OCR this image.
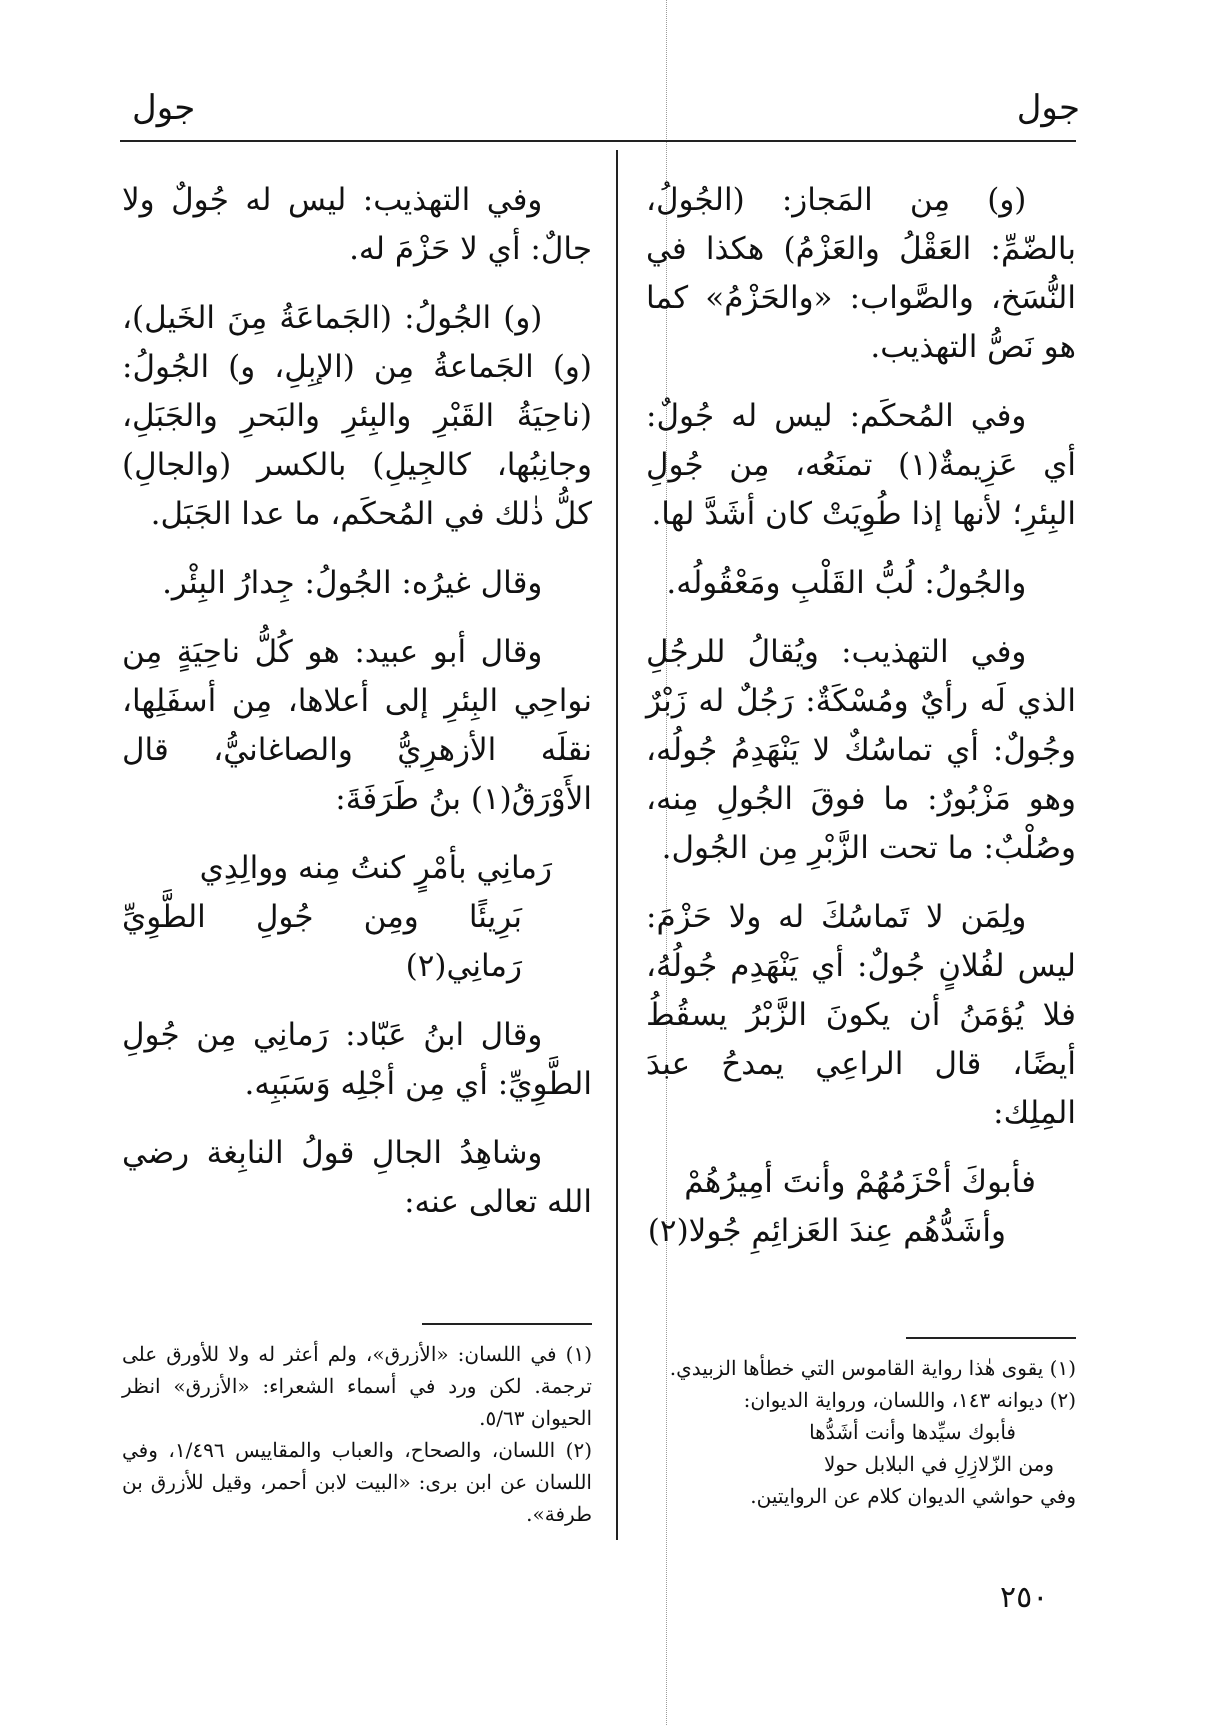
جول
جول

(و) مِن المَجاز: (الجُولُ، بالضّمِّ: العَقْلُ والعَزْمُ) هكذا في النُّسَخ، والصَّواب: «والحَزْمُ» كما هو نَصُّ التهذيب.

وفي المُحكَم: ليس له جُولٌ: أي عَزِيمةٌ(١) تمنَعُه، مِن جُولِ البِئرِ؛ لأنها إذا طُوِيَتْ كان أشَدَّ لها.

والجُولُ: لُبُّ القَلْبِ ومَعْقُولُه.

وفي التهذيب: ويُقالُ للرجُلِ الذي لَه رأيٌ ومُسْكَةٌ: رَجُلٌ له زَبْرٌ وجُولٌ: أي تماسُكٌ لا يَنْهَدِمُ جُولُه، وهو مَزْبُورٌ: ما فوقَ الجُولِ مِنه، وصُلْبٌ: ما تحت الزَّبْرِ مِن الجُول.

ولِمَن لا تَماسُكَ له ولا حَزْمَ: ليس لفُلانٍ جُولٌ: أي يَنْهَدِم جُولُهُ، فلا يُؤمَنُ أن يكونَ الزَّبْرُ يسقُطُ أيضًا، قال الراعِي يمدحُ عبدَ المِلِك:

فأبوكَ أحْزَمُهُمْ وأنتَ أمِيرُهُمْ
وأشَدُّهُم عِندَ العَزائِمِ جُولا(٢)

وفي التهذيب: ليس له جُولٌ ولا جالٌ: أي لا حَزْمَ له.

(و) الجُولُ: (الجَماعَةُ مِنَ الخَيل)، (و) الجَماعةُ مِن (الإبِلِ، و) الجُولُ: (ناحِيَةُ القَبْرِ والبِئرِ والبَحرِ والجَبَلِ، وجانِبُها، كالجِيلِ) بالكسر (والجالِ) كلُّ ذٰلك في المُحكَم، ما عدا الجَبَل.

وقال غيرُه: الجُولُ: جِدارُ البِئْر.

وقال أبو عبيد: هو كُلُّ ناحِيَةٍ مِن نواحِي البِئرِ إلى أعلاها، مِن أسفَلِها، نقلَه الأزهرِيُّ والصاغانيُّ، قال الأَوْرَقُ(١) بنُ طَرَفَةَ:

رَمانِي بأمْرٍ كنتُ مِنه ووالِدِي
بَرِيئًا ومِن جُولِ الطَّوِيِّ رَمانِي(٢)

وقال ابنُ عَبّاد: رَمانِي مِن جُولِ الطَّوِيِّ: أي مِن أجْلِه وَسَبَبِه.

وشاهِدُ الجالِ قولُ النابِغة رضي الله تعالى عنه:

(١) يقوى هٰذا رواية القاموس التي خطأها الزبيدي.

(٢) ديوانه ١٤٣، واللسان، ورواية الديوان:

فأبوك سيِّدها وأنت أشَدُّها

ومن الزّلازِلِ في البلابل حولا

وفي حواشي الديوان كلام عن الروايتين.

(١) في اللسان: «الأزرق»، ولم أعثر له ولا للأورق على ترجمة. لكن ورد في أسماء الشعراء: «الأزرق» انظر الحيوان ٥/٦٣.

(٢) اللسان، والصحاح، والعباب والمقاييس ١/٤٩٦، وفي اللسان عن ابن برى: «البيت لابن أحمر، وقيل للأزرق بن طرفة».

٢٥٠
